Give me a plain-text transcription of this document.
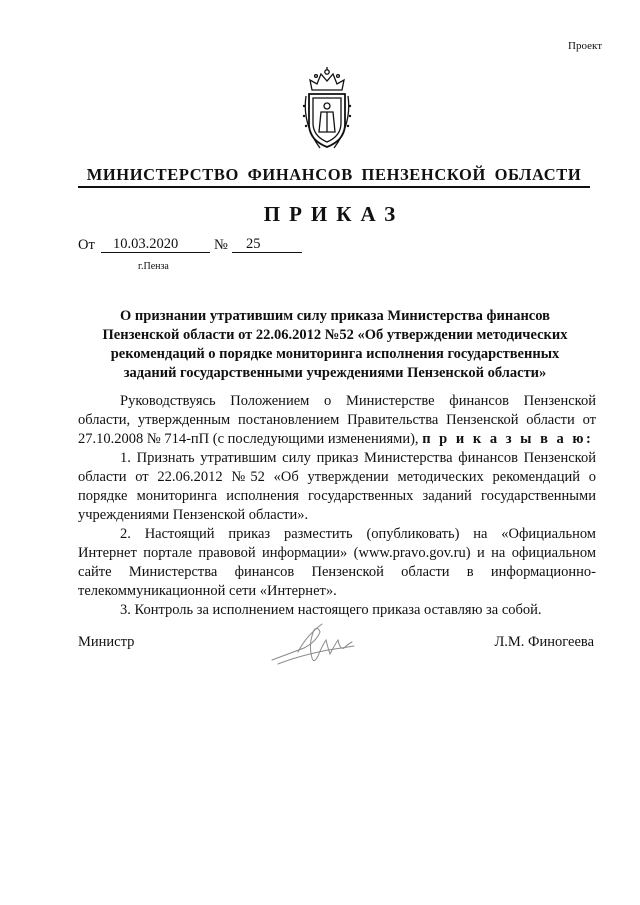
Проект
МИНИСТЕРСТВО ФИНАНСОВ ПЕНЗЕНСКОЙ ОБЛАСТИ
ПРИКАЗ
От	10.03.2020	№	25
г.Пенза
О признании утратившим силу приказа Министерства финансов Пензенской области от 22.06.2012 №52 «Об утверждении методических рекомендаций о порядке мониторинга исполнения государственных заданий государственными учреждениями Пензенской области»

Руководствуясь Положением о Министерстве финансов Пензенской области, утвержденным постановлением Правительства Пензенской области от 27.10.2008 № 714-пП (с последующими изменениями), п р и к а з ы в а ю:

1. Признать утратившим силу приказ Министерства финансов Пензенской области от 22.06.2012 №52 «Об утверждении методических рекомендаций о порядке мониторинга исполнения государственных заданий государственными учреждениями Пензенской области».

2. Настоящий приказ разместить (опубликовать) на «Официальном Интернет портале правовой информации» (www.pravo.gov.ru) и на официальном сайте Министерства финансов Пензенской области в информационно-телекоммуникационной сети «Интернет».

3. Контроль за исполнением настоящего приказа оставляю за собой.

Министр	Л.М. Финогеева
